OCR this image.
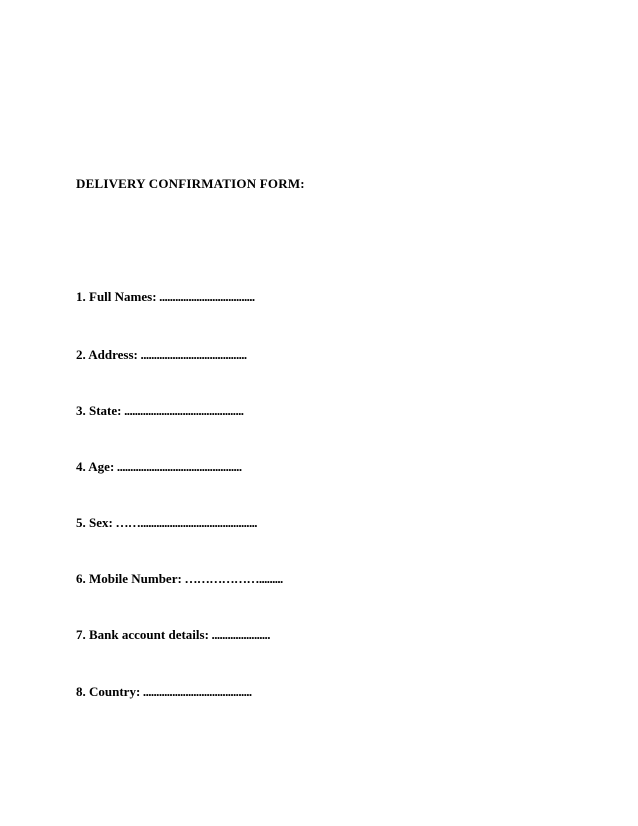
DELIVERY CONFIRMATION FORM:
1. Full Names: ....................................
2. Address: ........................................
3. State: .............................................
4. Age: ...............................................
5. Sex: ……............................................
6. Mobile Number: ……………….........
7. Bank account details: ......................
8. Country: .........................................
